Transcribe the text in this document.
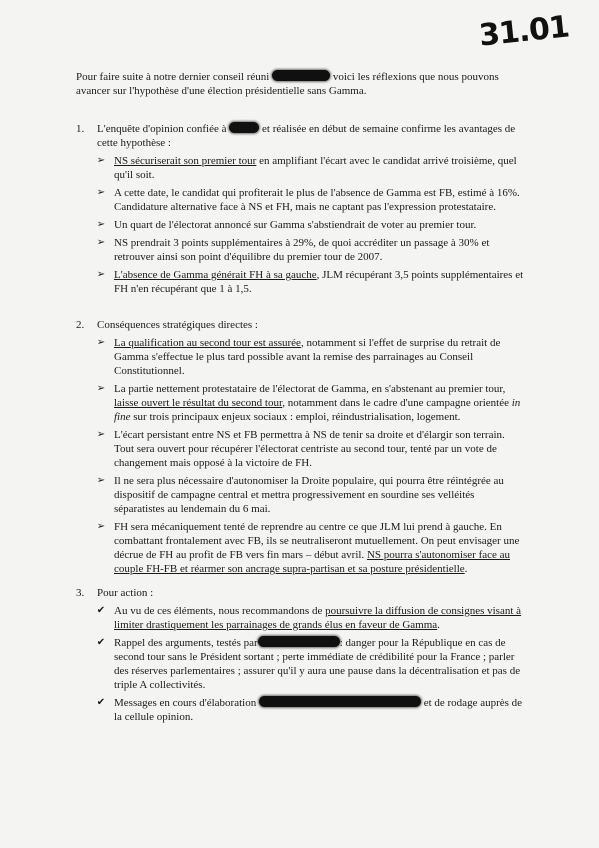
31.01

Pour faire suite à notre dernier conseil réuni	voici les réflexions que nous pouvons avancer sur l'hypothèse d'une élection présidentielle sans Gamma.

1. L'enquête d'opinion confiée à	et réalisée en début de semaine confirme les avantages de cette hypothèse :
➢ NS sécuriserait son premier tour en amplifiant l'écart avec le candidat arrivé troisième, quel qu'il soit.
➢ A cette date, le candidat qui profiterait le plus de l'absence de Gamma est FB, estimé à 16%. Candidature alternative face à NS et FH, mais ne captant pas l'expression protestataire.
➢ Un quart de l'électorat annoncé sur Gamma s'abstiendrait de voter au premier tour.
➢ NS prendrait 3 points supplémentaires à 29%, de quoi accréditer un passage à 30% et retrouver ainsi son point d'équilibre du premier tour de 2007.
➢ L'absence de Gamma générait FH à sa gauche, JLM récupérant 3,5 points supplémentaires et FH n'en récupérant que 1 à 1,5.
2. Conséquences stratégiques directes :
➢ La qualification au second tour est assurée, notamment si l'effet de surprise du retrait de Gamma s'effectue le plus tard possible avant la remise des parrainages au Conseil Constitutionnel.
➢ La partie nettement protestataire de l'électorat de Gamma, en s'abstenant au premier tour, laisse ouvert le résultat du second tour, notamment dans le cadre d'une campagne orientée in fine sur trois principaux enjeux sociaux : emploi, réindustrialisation, logement.
➢ L'écart persistant entre NS et FB permettra à NS de tenir sa droite et d'élargir son terrain. Tout sera ouvert pour récupérer l'électorat centriste au second tour, tenté par un vote de changement mais opposé à la victoire de FH.
➢ Il ne sera plus nécessaire d'autonomiser la Droite populaire, qui pourra être réintégrée au dispositif de campagne central et mettra progressivement en sourdine ses velléités séparatistes au lendemain du 6 mai.
➢ FH sera mécaniquement tenté de reprendre au centre ce que JLM lui prend à gauche. En combattant frontalement avec FB, ils se neutraliseront mutuellement. On peut envisager une décrue de FH au profit de FB vers fin mars – début avril. NS pourra s'autonomiser face au couple FH-FB et réarmer son ancrage supra-partisan et sa posture présidentielle.
3. Pour action :
✔ Au vu de ces éléments, nous recommandons de poursuivre la diffusion de consignes visant à limiter drastiquement les parrainages de grands élus en faveur de Gamma.
✔ Rappel des arguments, testés par	: danger pour la République en cas de second tour sans le Président sortant ; perte immédiate de crédibilité pour la France ; parler des réserves parlementaires ; assurer qu'il y aura une pause dans la décentralisation et pas de triple A collectivités.
✔ Messages en cours d'élaboration	et de rodage auprès de la cellule opinion.
